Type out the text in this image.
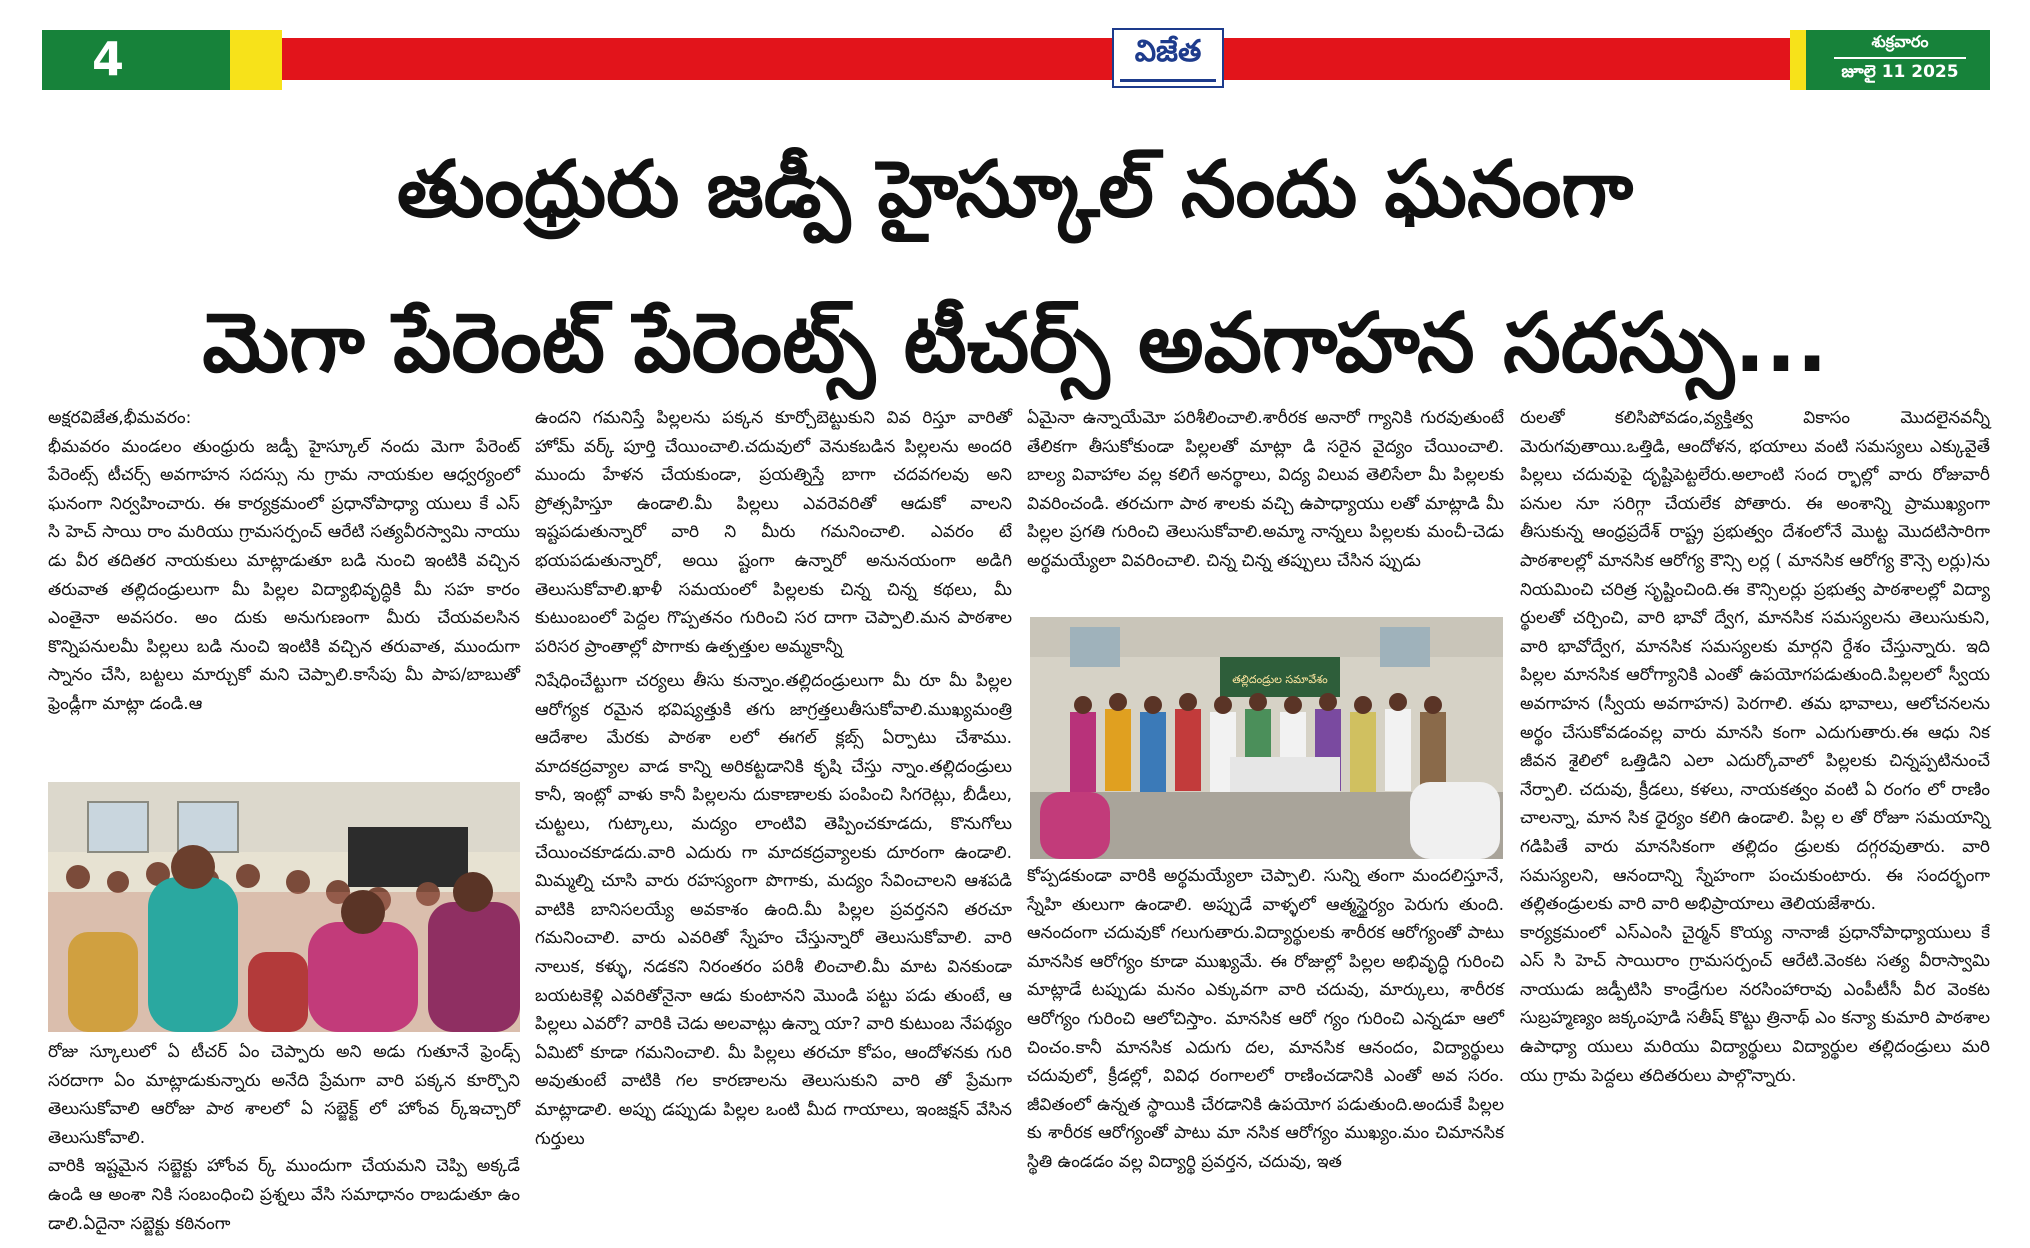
4	విజేత	శుక్రవారం
జూలై 11 2025
తుంధ్రురు జడ్పీ హైస్కూల్ నందు ఘనంగా
మెగా పేరెంట్ పేరెంట్స్ టీచర్స్ అవగాహన సదస్సు...

అక్షరవిజేత,భీమవరం:

భీమవరం మండలం తుంధ్రురు జడ్పీ హైస్కూల్ నందు మెగా పేరెంట్ పేరెంట్స్ టీచర్స్ అవగాహన సదస్సు ను గ్రామ నాయకుల ఆధ్వర్యంలో ఘనంగా నిర్వహించారు. ఈ కార్యక్రమంలో ప్రధానోపాధ్యా యులు కే ఎస్ సి హెచ్ సాయి రాం మరియు గ్రామసర్పంచ్ ఆరేటి సత్యవీరస్వామి నాయు డు వీర తదితర నాయకులు మాట్లాడుతూ బడి నుంచి ఇంటికి వచ్చిన తరువాత తల్లిదండ్రులుగా మీ పిల్లల విద్యాభివృద్ధికి మీ సహ కారం ఎంతైనా అవసరం. అం దుకు అనుగుణంగా మీరు చేయవలసిన కొన్నిపనులమీ పిల్లలు బడి నుంచి ఇంటికి వచ్చిన తరువాత, ముందుగా స్నానం చేసి, బట్టలు మార్చుకో మని చెప్పాలి.కాసేపు మీ పాప/బాబుతో ఫ్రెండ్లీగా మాట్లా డండి.ఆ

రోజు స్కూలులో ఏ టీచర్ ఏం చెప్పారు అని అడు గుతూనే ఫ్రెండ్స్ సరదాగా ఏం మాట్లాడుకున్నారు అనేది ప్రేమగా వారి పక్కన కూర్చొని తెలుసుకోవాలి ఆరోజు పాఠ శాలలో ఏ సబ్జెక్ట్ లో హోంవ ర్క్ఇచ్చారో తెలుసుకోవాలి.

వారికి ఇష్టమైన సబ్జెక్టు హోంవ ర్క్ ముందుగా చేయమని చెప్పి అక్కడే ఉండి ఆ అంశా నికి సంబంధించి ప్రశ్నలు వేసి సమాధానం రాబడుతూ ఉం డాలి.ఏదైనా సబ్జెక్టు కఠినంగా

ఉందని గమనిస్తే పిల్లలను పక్కన కూర్చోబెట్టుకుని వివ రిస్తూ వారితో హోమ్ వర్క్ పూర్తి చేయించాలి.చదువులో వెనుకబడిన పిల్లలను అందరి ముందు హేళన చేయకుండా, ప్రయత్నిస్తే బాగా చదవగలవు అని ప్రోత్సహిస్తూ ఉండాలి.మీ పిల్లలు ఎవరెవరితో ఆడుకో వాలని ఇష్టపడుతున్నారో వారి ని మీరు గమనించాలి. ఎవరం టే భయపడుతున్నారో, అయి ష్టంగా ఉన్నారో అనునయంగా అడిగి తెలుసుకోవాలి.ఖాళీ సమయంలో పిల్లలకు చిన్న చిన్న కథలు, మీ కుటుంబంలో పెద్దల గొప్పతనం గురించి సర దాగా చెప్పాలి.మన పాఠశాల పరిసర ప్రాంతాల్లో పొగాకు ఉత్పత్తుల అమ్మకాన్నీ

నిషేధించేట్టుగా చర్యలు తీసు కున్నాం.తల్లిదండ్రులుగా మీ రూ మీ పిల్లల ఆరోగ్యక రమైన భవిష్యత్తుకి తగు జాగ్రత్తలుతీసుకోవాలి.ముఖ్యమంత్రి ఆదేశాల మేరకు పాఠశా లలో ఈగల్ క్లబ్స్ ఏర్పాటు చేశాము. మాదకద్రవ్యాల వాడ కాన్ని అరికట్టడానికి కృషి చేస్తు న్నాం.తల్లిదండ్రులు కానీ, ఇంట్లో వాళు కానీ పిల్లలను దుకాణాలకు పంపించి సిగరెట్లు, బీడీలు, చుట్టలు, గుట్కాలు, మద్యం లాంటివి తెప్పించకూడదు, కొనుగోలు చేయించకూడదు.వారి ఎదురు గా మాదకద్రవ్యాలకు దూరంగా ఉండాలి. మిమ్మల్ని చూసి వారు రహస్యంగా పొగాకు, మద్యం సేవించాలని ఆశపడి వాటికి బానిసలయ్యే అవకాశం ఉంది.మీ పిల్లల ప్రవర్తనని తరచూ గమనించాలి. వారు ఎవరితో స్నేహం చేస్తున్నారో తెలుసుకోవాలి. వారి నాలుక, కళ్ళు, నడకని నిరంతరం పరిశీ లించాలి.మీ మాట వినకుండా బయటకెళ్లి ఎవరితోనైనా ఆడు కుంటానని మొండి పట్టు పడు తుంటే, ఆ పిల్లలు ఎవరో? వారికి చెడు అలవాట్లు ఉన్నా యా? వారి కుటుంబ నేపథ్యం ఏమిటో కూడా గమనించాలి. మీ పిల్లలు తరచూ కోపం, ఆందోళనకు గురి అవుతుంటే వాటికి గల కారణాలను తెలుసుకుని వారి తో ప్రేమగా మాట్లాడాలి. అప్పు డప్పుడు పిల్లల ఒంటి మీద గాయాలు, ఇంజక్షన్ వేసిన గుర్తులు

ఏమైనా ఉన్నాయేమో పరిశీలించాలి.శారీరక అనారో గ్యానికి గురవుతుంటే తేలికగా తీసుకోకుండా పిల్లలతో మాట్లా డి సరైన వైద్యం చేయించాలి. బాల్య వివాహాల వల్ల కలిగే అనర్థాలు, విద్య విలువ తెలిసేలా మీ పిల్లలకు వివరించండి. తరచుగా పాఠ శాలకు వచ్చి ఉపాధ్యాయు లతో మాట్లాడి మీ పిల్లల ప్రగతి గురించి తెలుసుకోవాలి.అమ్మా నాన్నలు పిల్లలకు మంచీ-చెడు అర్థమయ్యేలా వివరించాలి. చిన్న చిన్న తప్పులు చేసిన ప్పుడు

తల్లిదండ్రుల సమావేశం

కోప్పడకుండా వారికి అర్థమయ్యేలా చెప్పాలి. సున్ని తంగా మందలిస్తూనే, స్నేహి తులుగా ఉండాలి. అప్పుడే వాళ్ళలో ఆత్మస్థైర్యం పెరుగు తుంది. ఆనందంగా చదువుకో గలుగుతారు.విద్యార్థులకు శారీరక ఆరోగ్యంతో పాటు మానసిక ఆరోగ్యం కూడా ముఖ్యమే. ఈ రోజుల్లో పిల్లల అభివృద్ధి గురించి మాట్లాడే టప్పుడు మనం ఎక్కువగా వారి చదువు, మార్కులు, శారీరక ఆరోగ్యం గురించి ఆలోచిస్తాం. మానసిక ఆరో గ్యం గురించి ఎన్నడూ ఆలో చించం.కానీ మానసిక ఎదుగు దల, మానసిక ఆనందం, విద్యార్థులు చదువులో, క్రీడల్లో, వివిధ రంగాలలో రాణించడానికి ఎంతో అవ సరం. జీవితంలో ఉన్నత స్థాయికి చేరడానికి ఉపయోగ పడుతుంది.అందుకే పిల్లల కు శారీరక ఆరోగ్యంతో పాటు మా నసిక ఆరోగ్యం ముఖ్యం.మం చిమానసిక స్థితి ఉండడం వల్ల విద్యార్థి ప్రవర్తన, చదువు, ఇత

రులతో కలిసిపోవడం,వ్యక్తిత్వ వికాసం మొదలైనవన్నీ మెరుగవుతాయి.ఒత్తిడి, ఆందోళన, భయాలు వంటి సమస్యలు ఎక్కువైతే పిల్లలు చదువుపై దృష్టిపెట్టలేరు.అలాంటి సంద ర్భాల్లో వారు రోజువారీ పనుల నూ సరిగ్గా చేయలేక పోతారు. ఈ అంశాన్ని ప్రాముఖ్యంగా తీసుకున్న ఆంధ్రప్రదేశ్ రాష్ట్ర ప్రభుత్వం దేశంలోనే మొట్ట మొదటిసారిగా పాఠశాలల్లో మానసిక ఆరోగ్య కౌన్సి లర్ల ( మానసిక ఆరోగ్య కౌన్సె లర్లు)ను నియమించి చరిత్ర సృష్టించింది.ఈ కౌన్సిలర్లు ప్రభుత్వ పాఠశాలల్లో విద్యా ర్థులతో చర్చించి, వారి భావో ద్వేగ, మానసిక సమస్యలను తెలుసుకుని, వారి భావోద్వేగ, మానసిక సమస్యలకు మార్గని ర్దేశం చేస్తున్నారు. ఇది పిల్లల మానసిక ఆరోగ్యానికి ఎంతో ఉపయోగపడుతుంది.పిల్లలలో స్వీయ అవగాహన (స్వీయ అవగాహన) పెరగాలి. తమ భావాలు, ఆలోచనలను అర్థం చేసుకోవడంవల్ల వారు మానసి కంగా ఎదుగుతారు.ఈ ఆధు నిక జీవన శైలిలో ఒత్తిడిని ఎలా ఎదుర్కోవాలో పిల్లలకు చిన్నప్పటినుంచే నేర్పాలి. చదువు, క్రీడలు, కళలు, నాయకత్వం వంటి ఏ రంగం లో రాణిం చాలన్నా, మాన సిక ధైర్యం కలిగి ఉండాలి. పిల్ల ల తో రోజూ సమయాన్ని గడిపితే వారు మానసికంగా తల్లిదం డ్రులకు దగ్గరవుతారు. వారి సమస్యలని, ఆనందాన్ని స్నేహంగా పంచుకుంటారు. ఈ సందర్భంగా తల్లితండ్రులకు వారి వారి అభిప్రాయాలు తెలియజేశారు.

కార్యక్రమంలో ఎస్ఎంసి చైర్మన్ కొయ్య నానాజీ ప్రధానోపాధ్యాయులు కే ఎస్ సి హెచ్ సాయిరాం గ్రామసర్పంచ్ ఆరేటి.వెంకట సత్య వీరాస్వామి నాయుడు జడ్పీటిసి కాండ్రేగుల నరసింహారావు ఎంపీటీసీ వీర వెంకట సుబ్రహ్మణ్యం జక్కంపూడి సతీష్ కొట్టు త్రినాథ్ ఎం కన్యా కుమారి పాఠశాల ఉపాధ్యా యులు మరియు విద్యార్థులు విద్యార్థుల తల్లిదండ్రులు మరి యు గ్రామ పెద్దలు తదితరులు పాల్గొన్నారు.
